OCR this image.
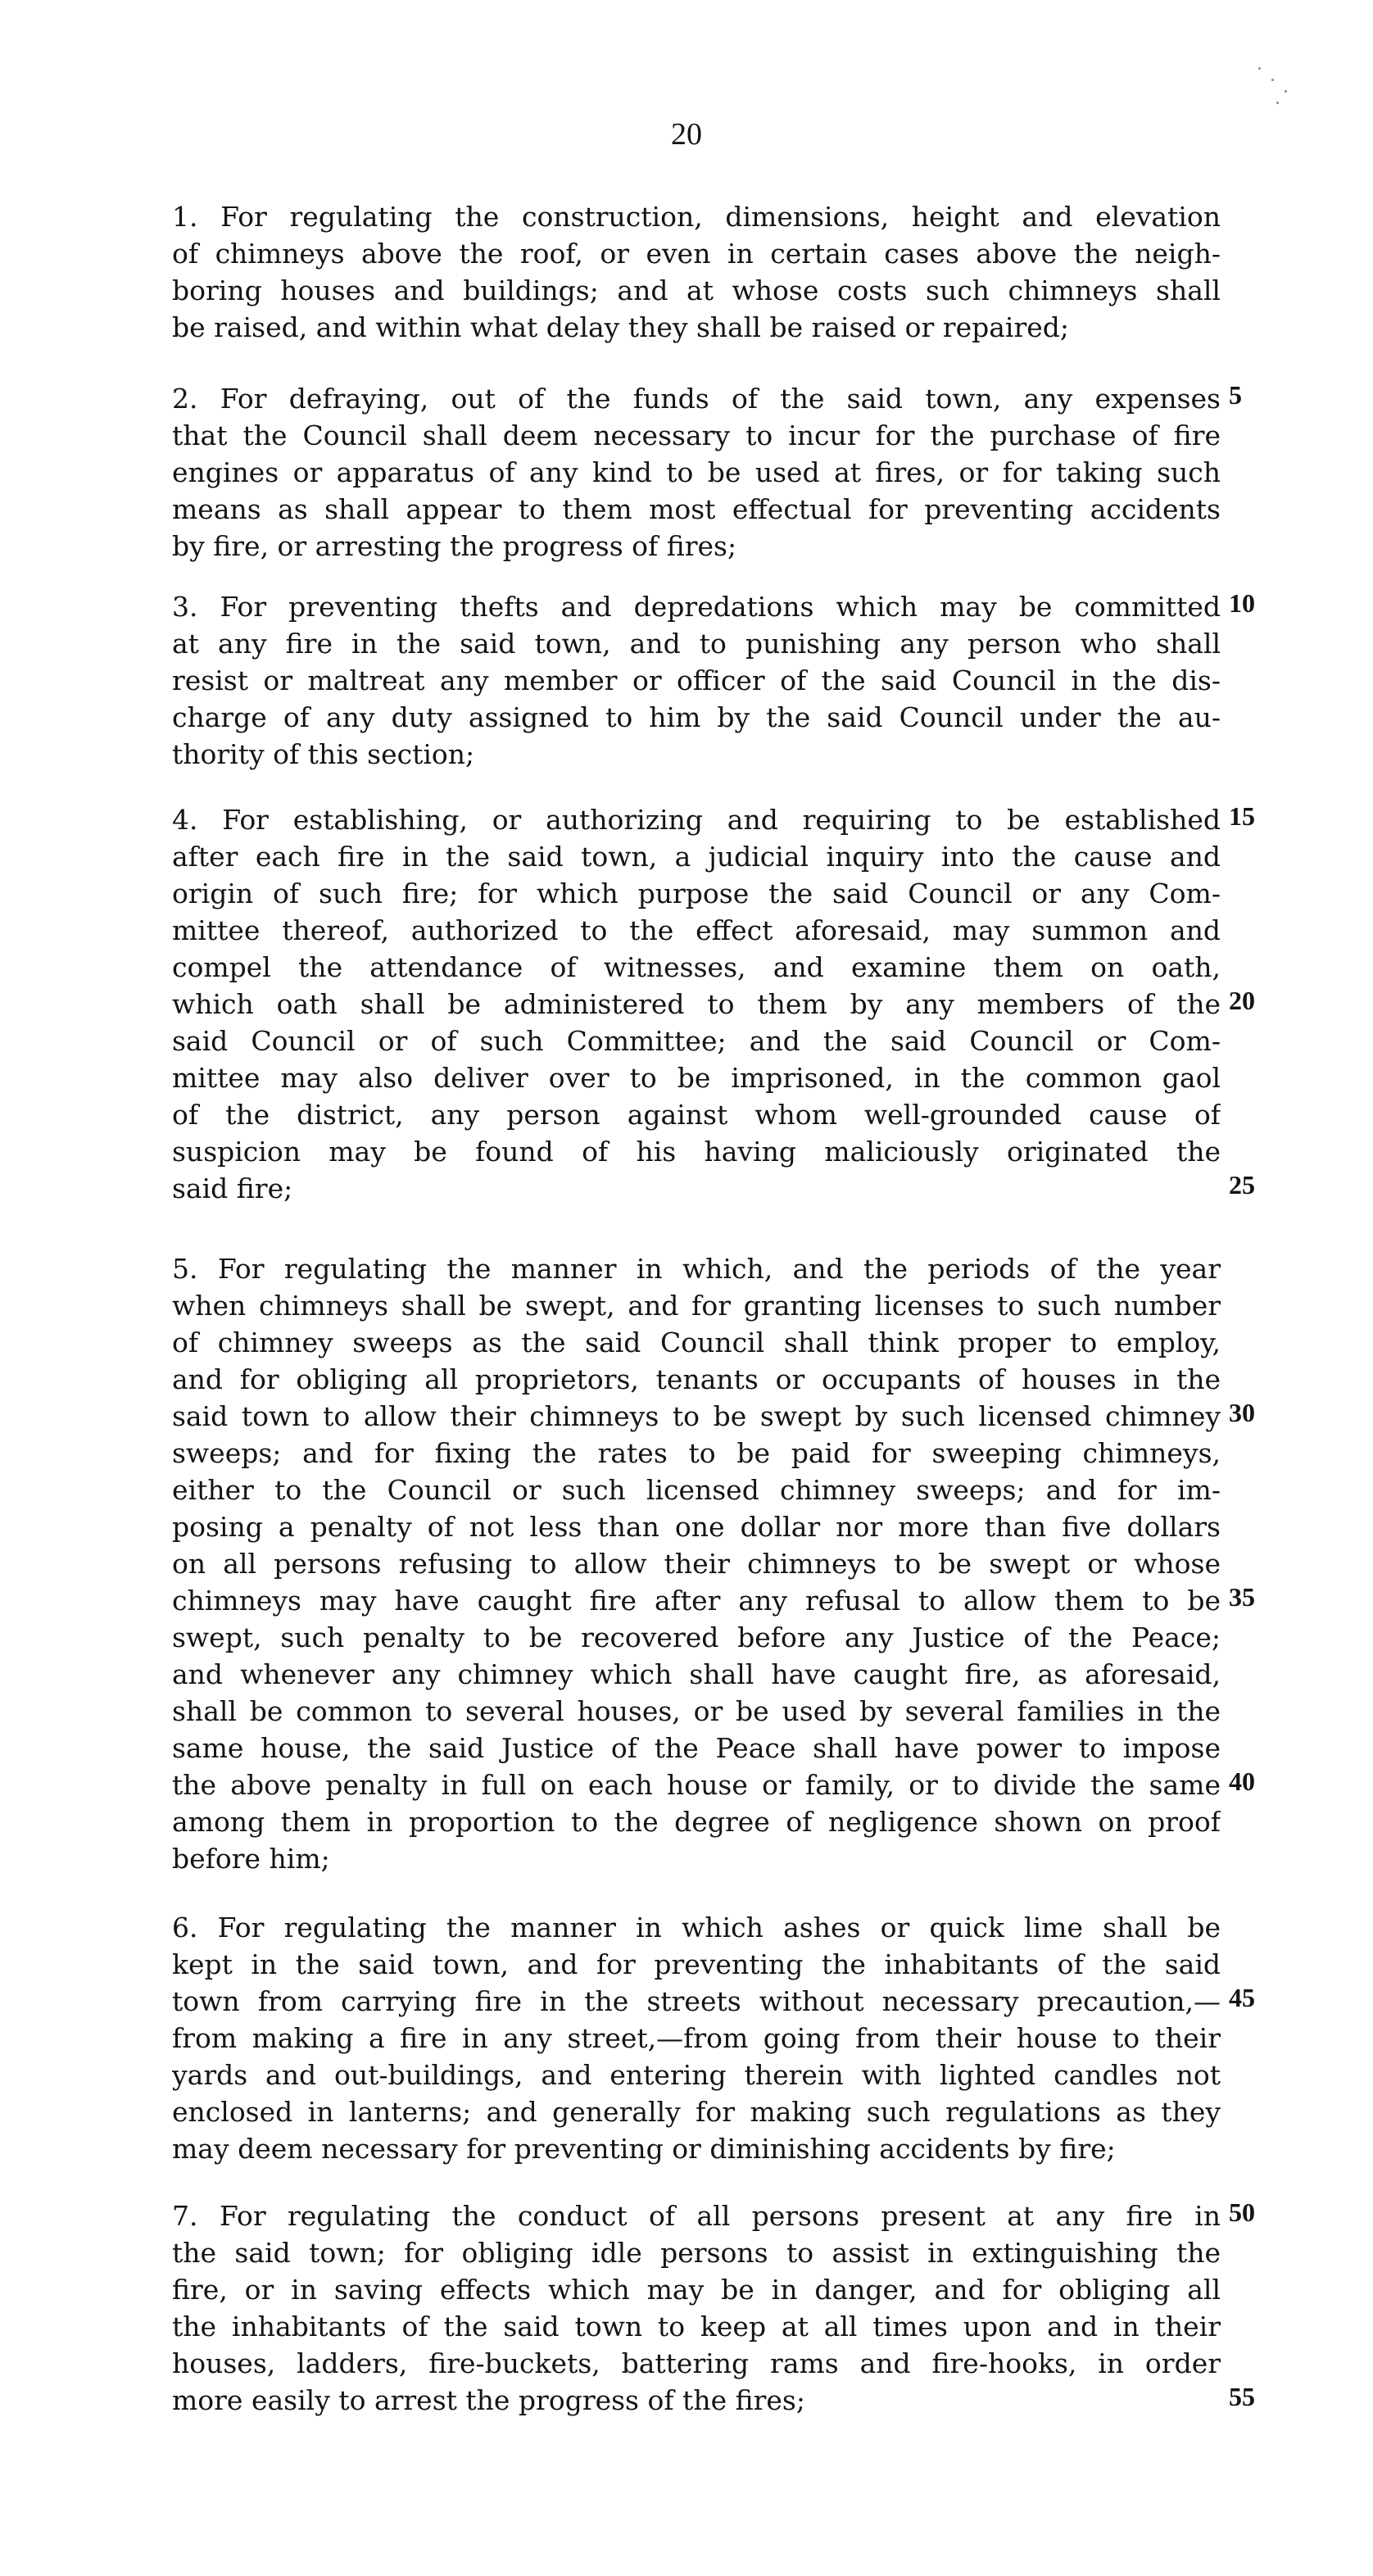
20
1. For regulating the construction, dimensions, height and elevation
of chimneys above the roof, or even in certain cases above the neigh-
boring houses and buildings; and at whose costs such chimneys shall
be raised, and within what delay they shall be raised or repaired;
2. For defraying, out of the funds of the said town, any expenses
that the Council shall deem necessary to incur for the purchase of fire
engines or apparatus of any kind to be used at fires, or for taking such
means as shall appear to them most effectual for preventing accidents
by fire, or arresting the progress of fires;
3. For preventing thefts and depredations which may be committed
at any fire in the said town, and to punishing any person who shall
resist or maltreat any member or officer of the said Council in the dis-
charge of any duty assigned to him by the said Council under the au-
thority of this section;
4. For establishing, or authorizing and requiring to be established
after each fire in the said town, a judicial inquiry into the cause and
origin of such fire; for which purpose the said Council or any Com-
mittee thereof, authorized to the effect aforesaid, may summon and
compel the attendance of witnesses, and examine them on oath,
which oath shall be administered to them by any members of the
said Council or of such Committee; and the said Council or Com-
mittee may also deliver over to be imprisoned, in the common gaol
of the district, any person against whom well-grounded cause of
suspicion may be found of his having maliciously originated the
said fire;
5. For regulating the manner in which, and the periods of the year
when chimneys shall be swept, and for granting licenses to such number
of chimney sweeps as the said Council shall think proper to employ,
and for obliging all proprietors, tenants or occupants of houses in the
said town to allow their chimneys to be swept by such licensed chimney
sweeps; and for fixing the rates to be paid for sweeping chimneys,
either to the Council or such licensed chimney sweeps; and for im-
posing a penalty of not less than one dollar nor more than five dollars
on all persons refusing to allow their chimneys to be swept or whose
chimneys may have caught fire after any refusal to allow them to be
swept, such penalty to be recovered before any Justice of the Peace;
and whenever any chimney which shall have caught fire, as aforesaid,
shall be common to several houses, or be used by several families in the
same house, the said Justice of the Peace shall have power to impose
the above penalty in full on each house or family, or to divide the same
among them in proportion to the degree of negligence shown on proof
before him;
6. For regulating the manner in which ashes or quick lime shall be
kept in the said town, and for preventing the inhabitants of the said
town from carrying fire in the streets without necessary precaution,—
from making a fire in any street,—from going from their house to their
yards and out-buildings, and entering therein with lighted candles not
enclosed in lanterns; and generally for making such regulations as they
may deem necessary for preventing or diminishing accidents by fire;
7. For regulating the conduct of all persons present at any fire in
the said town; for obliging idle persons to assist in extinguishing the
fire, or in saving effects which may be in danger, and for obliging all
the inhabitants of the said town to keep at all times upon and in their
houses, ladders, fire-buckets, battering rams and fire-hooks, in order
more easily to arrest the progress of the fires;
5
10
15
20
25
30
35
40
45
50
55
